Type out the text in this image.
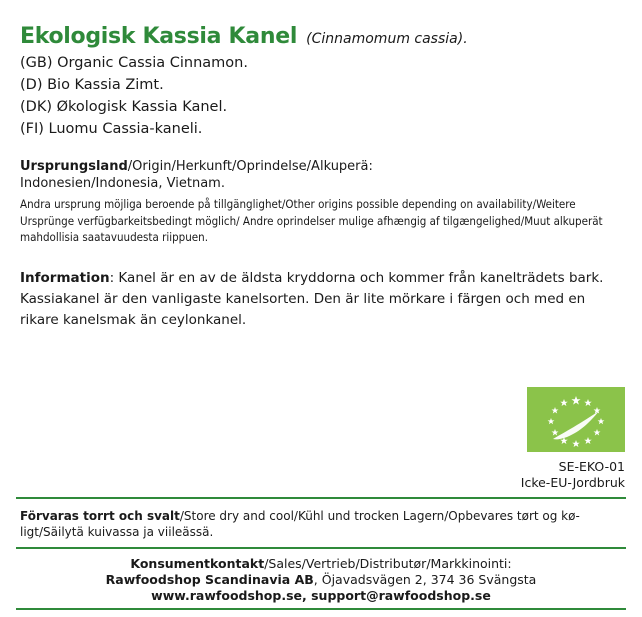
Ekologisk Kassia Kanel (Cinnamomum cassia).
(GB) Organic Cassia Cinnamon.
(D) Bio Kassia Zimt.
(DK) Økologisk Kassia Kanel.
(FI) Luomu Cassia-kaneli.
Ursprungsland/Origin/Herkunft/Oprindelse/Alkuperä:
Indonesien/Indonesia, Vietnam.
Andra ursprung möjliga beroende på tillgänglighet/Other origins possible depending on availability/Weitere Ursprünge verfügbarkeitsbedingt möglich/ Andre oprindelser mulige afhængig af tilgængelighed/Muut alkuperät mahdollisia saatavuudesta riippuen.
Information: Kanel är en av de äldsta kryddorna och kommer från kanelträdets bark. Kassiakanel är den vanligaste kanelsorten. Den är lite mörkare i färgen och med en rikare kanelsmak än ceylonkanel.
SE-EKO-01
Icke-EU-Jordbruk
Förvaras torrt och svalt/Store dry and cool/Kühl und trocken Lagern/Opbevares tørt og kø-ligt/Säilytä kuivassa ja viileässä.
Konsumentkontakt/Sales/Vertrieb/Distributør/Markkinointi:
Rawfoodshop Scandinavia AB, Öjavadsvägen 2, 374 36 Svängsta
www.rawfoodshop.se, support@rawfoodshop.se
